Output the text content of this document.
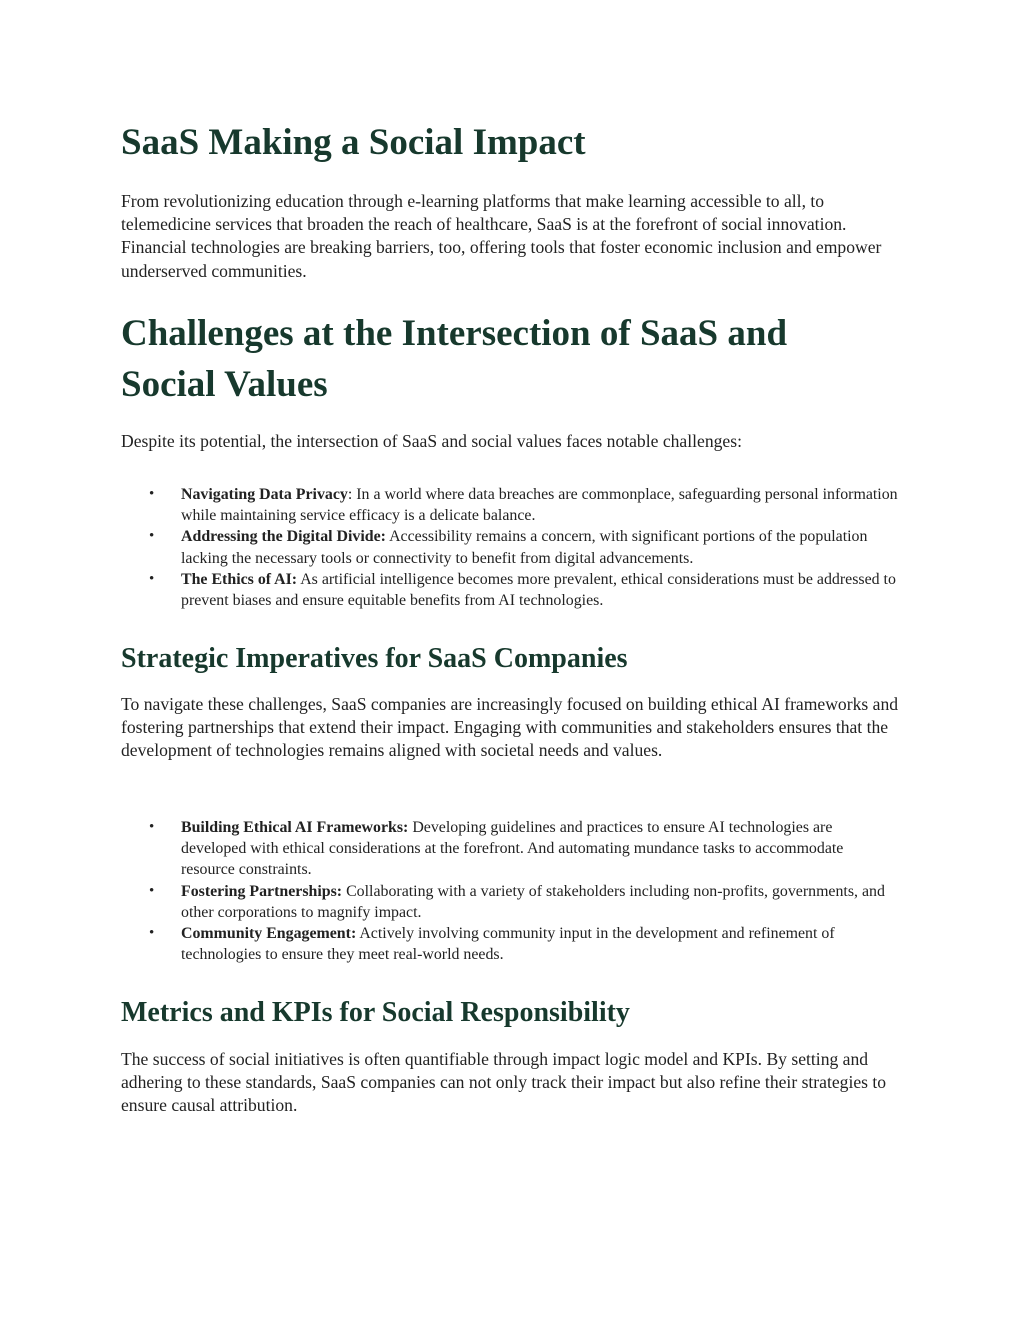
SaaS Making a Social Impact

From revolutionizing education through e-learning platforms that make learning accessible to all, to telemedicine services that broaden the reach of healthcare, SaaS is at the forefront of social innovation. Financial technologies are breaking barriers, too, offering tools that foster economic inclusion and empower underserved communities.

Challenges at the Intersection of SaaS and Social Values

Despite its potential, the intersection of SaaS and social values faces notable challenges:

• Navigating Data Privacy: In a world where data breaches are commonplace, safeguarding personal information while maintaining service efficacy is a delicate balance.
• Addressing the Digital Divide: Accessibility remains a concern, with significant portions of the population lacking the necessary tools or connectivity to benefit from digital advancements.
• The Ethics of AI: As artificial intelligence becomes more prevalent, ethical considerations must be addressed to prevent biases and ensure equitable benefits from AI technologies.
Strategic Imperatives for SaaS Companies

To navigate these challenges, SaaS companies are increasingly focused on building ethical AI frameworks and fostering partnerships that extend their impact. Engaging with communities and stakeholders ensures that the development of technologies remains aligned with societal needs and values.

• Building Ethical AI Frameworks: Developing guidelines and practices to ensure AI technologies are developed with ethical considerations at the forefront. And automating mundance tasks to accommodate resource constraints.
• Fostering Partnerships: Collaborating with a variety of stakeholders including non-profits, governments, and other corporations to magnify impact.
• Community Engagement: Actively involving community input in the development and refinement of technologies to ensure they meet real-world needs.
Metrics and KPIs for Social Responsibility

The success of social initiatives is often quantifiable through impact logic model and KPIs. By setting and adhering to these standards, SaaS companies can not only track their impact but also refine their strategies to ensure causal attribution.
